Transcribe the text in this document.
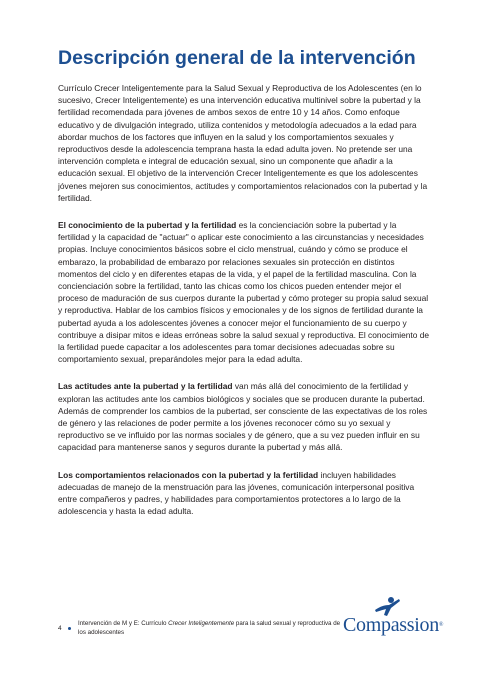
Descripción general de la intervención

Currículo Crecer Inteligentemente para la Salud Sexual y Reproductiva de los Adolescentes (en lo sucesivo, Crecer Inteligentemente) es una intervención educativa multinivel sobre la pubertad y la fertilidad recomendada para jóvenes de ambos sexos de entre 10 y 14 años. Como enfoque educativo y de divulgación integrado, utiliza contenidos y metodología adecuados a la edad para abordar muchos de los factores que influyen en la salud y los comportamientos sexuales y reproductivos desde la adolescencia temprana hasta la edad adulta joven. No pretende ser una intervención completa e integral de educación sexual, sino un componente que añadir a la educación sexual. El objetivo de la intervención Crecer Inteligentemente es que los adolescentes jóvenes mejoren sus conocimientos, actitudes y comportamientos relacionados con la pubertad y la fertilidad.

El conocimiento de la pubertad y la fertilidad es la concienciación sobre la pubertad y la fertilidad y la capacidad de "actuar" o aplicar este conocimiento a las circunstancias y necesidades propias. Incluye conocimientos básicos sobre el ciclo menstrual, cuándo y cómo se produce el embarazo, la probabilidad de embarazo por relaciones sexuales sin protección en distintos momentos del ciclo y en diferentes etapas de la vida, y el papel de la fertilidad masculina. Con la concienciación sobre la fertilidad, tanto las chicas como los chicos pueden entender mejor el proceso de maduración de sus cuerpos durante la pubertad y cómo proteger su propia salud sexual y reproductiva. Hablar de los cambios físicos y emocionales y de los signos de fertilidad durante la pubertad ayuda a los adolescentes jóvenes a conocer mejor el funcionamiento de su cuerpo y contribuye a disipar mitos e ideas erróneas sobre la salud sexual y reproductiva. El conocimiento de la fertilidad puede capacitar a los adolescentes para tomar decisiones adecuadas sobre su comportamiento sexual, preparándoles mejor para la edad adulta.

Las actitudes ante la pubertad y la fertilidad van más allá del conocimiento de la fertilidad y exploran las actitudes ante los cambios biológicos y sociales que se producen durante la pubertad. Además de comprender los cambios de la pubertad, ser consciente de las expectativas de los roles de género y las relaciones de poder permite a los jóvenes reconocer cómo su yo sexual y reproductivo se ve influido por las normas sociales y de género, que a su vez pueden influir en su capacidad para mantenerse sanos y seguros durante la pubertad y más allá.

Los comportamientos relacionados con la pubertad y la fertilidad incluyen habilidades adecuadas de manejo de la menstruación para las jóvenes, comunicación interpersonal positiva entre compañeros y padres, y habilidades para comportamientos protectores a lo largo de la adolescencia y hasta la edad adulta.

4
Intervención de M y E: Currículo Crecer Inteligentemente para la salud sexual y reproductiva de los adolescentes	Compassion®
